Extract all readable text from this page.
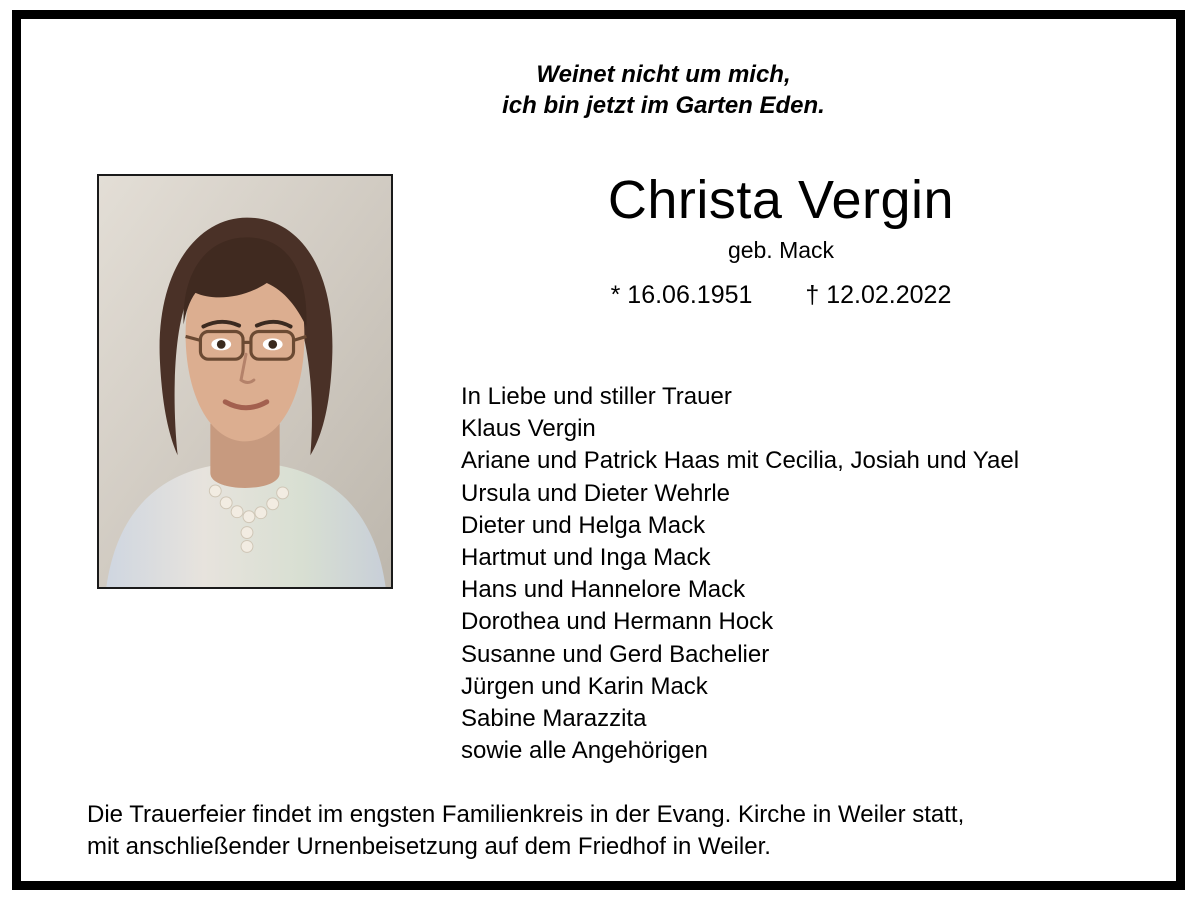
Weinet nicht um mich,
ich bin jetzt im Garten Eden.
Christa Vergin
geb. Mack
* 16.06.1951 † 12.02.2022
In Liebe und stiller Trauer
Klaus Vergin
Ariane und Patrick Haas mit Cecilia, Josiah und Yael
Ursula und Dieter Wehrle
Dieter und Helga Mack
Hartmut und Inga Mack
Hans und Hannelore Mack
Dorothea und Hermann Hock
Susanne und Gerd Bachelier
Jürgen und Karin Mack
Sabine Marazzita
sowie alle Angehörigen
Die Trauerfeier findet im engsten Familienkreis in der Evang. Kirche in Weiler statt,
mit anschließender Urnenbeisetzung auf dem Friedhof in Weiler.
